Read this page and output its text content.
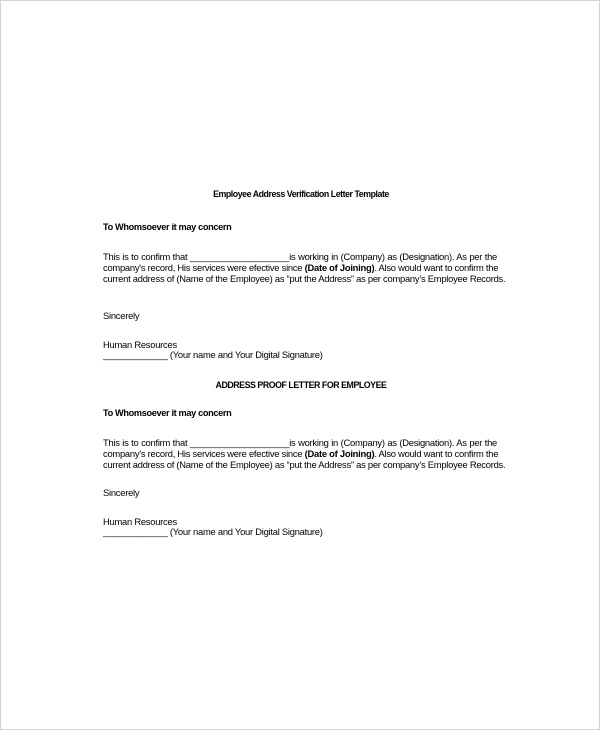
Employee Address Verification Letter Template
To Whomsoever it may concern
This is to confirm that ____________________is working in (Company) as (Designation). As per the
company's record, His services were efective since (Date of Joining). Also would want to confirm the
current address of (Name of the Employee) as “put the Address” as per company’s Employee Records.
Sincerely
Human Resources
_____________ (Your name and Your Digital Signature)
ADDRESS PROOF LETTER FOR EMPLOYEE
To Whomsoever it may concern
This is to confirm that ____________________is working in (Company) as (Designation). As per the
company's record, His services were efective since (Date of Joining). Also would want to confirm the
current address of (Name of the Employee) as “put the Address” as per company’s Employee Records.
Sincerely
Human Resources
_____________ (Your name and Your Digital Signature)
